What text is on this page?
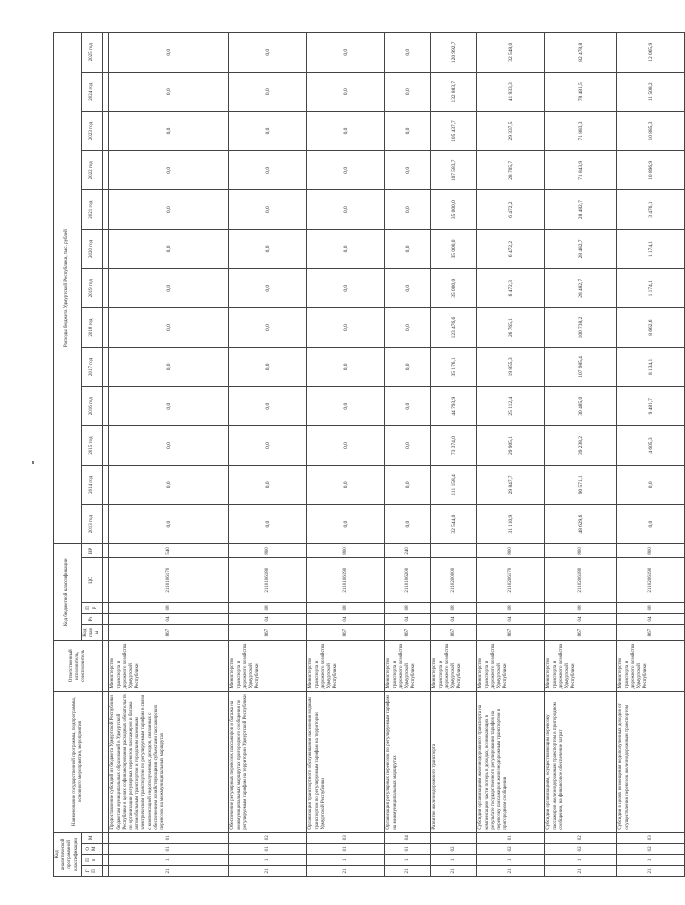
Код аналитической программной классификации				Наименование государственной программы, подпрограммы, основного мероприятия, мероприятия	Ответственный исполнитель, соисполнитель	Код бюджетной классификации					Расходы бюджета Удмуртской Республики, тыс. рублей												
ГП	Пп	ОМ	М			Код главы	Рз	Пр	ЦС	ВР	2013 год	2014 год	2015 год	2016 год	2017 год	2018 год	2019 год	2020 год	2021 год	2022 год	2023 год	2024 год	2025 год

21	1	01	01	Предоставление субсидий из бюджета Удмуртской Республики бюджетам муниципальных образований в Удмуртской Республике в целях софинансирования расходных обязательств по организации регулярных перевозок пассажиров и багажа автомобильным транспортом и городским наземным электрическим транспортом по регулируемым тарифам в связи с компенсацией недополученных доходов, связанных с обеспечением хозяйствующими субъектами пассажирских перевозок на межмуниципальных маршрутах	Министерство транспорта и дорожного хозяйства Удмуртской Республики	867	04	08	2110106170	540	0,0	0,0	0,0	0,0	0,0	0,0	0,0	0,0	0,0	0,0	0,0	0,0	0,0
21	1	01	02	Обеспечение регулярных перевозок пассажиров и багажа на межмуниципальных маршрутах пригородного сообщения по регулируемым тарифам на территории Удмуртской Республики	Министерство транспорта и дорожного хозяйства Удмуртской Республики	867	04	08	2110106180	800	0,0	0,0	0,0	0,0	0,0	0,0	0,0	0,0	0,0	0,0	0,0	0,0	0,0
21	1	01	03	Организация транспортного обслуживания населения водным транспортом по регулируемым тарифам на территории Удмуртской Республики	Министерство транспорта и дорожного хозяйства Удмуртской Республики	867	04	08	2110106190	800	0,0	0,0	0,0	0,0	0,0	0,0	0,0	0,0	0,0	0,0	0,0	0,0	0,0
21	1	01	04	Организация регулярных перевозок по регулируемым тарифам на межмуниципальных маршрутах	Министерство транспорта и дорожного хозяйства Удмуртской Республики	867	04	08	2110106200	240	0,0	0,0	0,0	0,0	0,0	0,0	0,0	0,0	0,0	0,0	0,0	0,0	0,0
21	1	02		Развитие железнодорожного транспорта	Министерство транспорта и дорожного хозяйства Удмуртской Республики	867	04	08	2110200000		32 544,0	111 158,4	73 374,0	44 793,9	35 176,1	123 476,6	35 000,0	35 000,0	35 000,0	107 583,7	105 437,7	132 883,7	120 992,7
21	1	02	01	Субсидии организациям железнодорожного транспорта на компенсацию части потерь в доходах, возникающих в результате государственного регулирования тарифов на перевозку пассажиров железнодорожным транспортом в пригородном сообщении	Министерство транспорта и дорожного хозяйства Удмуртской Республики	867	04	08	2110206170	800	31 110,9	29 847,7	29 905,1	25 112,4	19 855,3	26 765,1	6 472,3	6 472,2	6 472,2	28 705,7	29 337,5	41 933,3	32 548,0
21	1	02	02	Субсидии организациям, осуществляющим перевозку пассажиров железнодорожным транспортом в пригородном сообщении, на финансовое обеспечение затрат	Министерство транспорта и дорожного хозяйства Удмуртской Республики	867	04	08	2110206180	800	48 629,6	90 571,1	39 238,2	30 485,0	107 985,4	100 738,2	28 482,7	28 482,7	28 482,7	71 843,9	71 883,3	78 481,5	82 478,8
21	1	02	03	Субсидии в целях возмещения недополученных доходов от осуществления перевозок железнодорожным транспортом	Министерство транспорта и дорожного хозяйства Удмуртской Республики	867	04	08	2110206190	800	0,0	0,0	4 605,3	9 481,7	8 134,1	8 662,6	1 174,1	1 174,1	3 476,1	10 896,9	10 885,3	11 508,2	12 065,9
